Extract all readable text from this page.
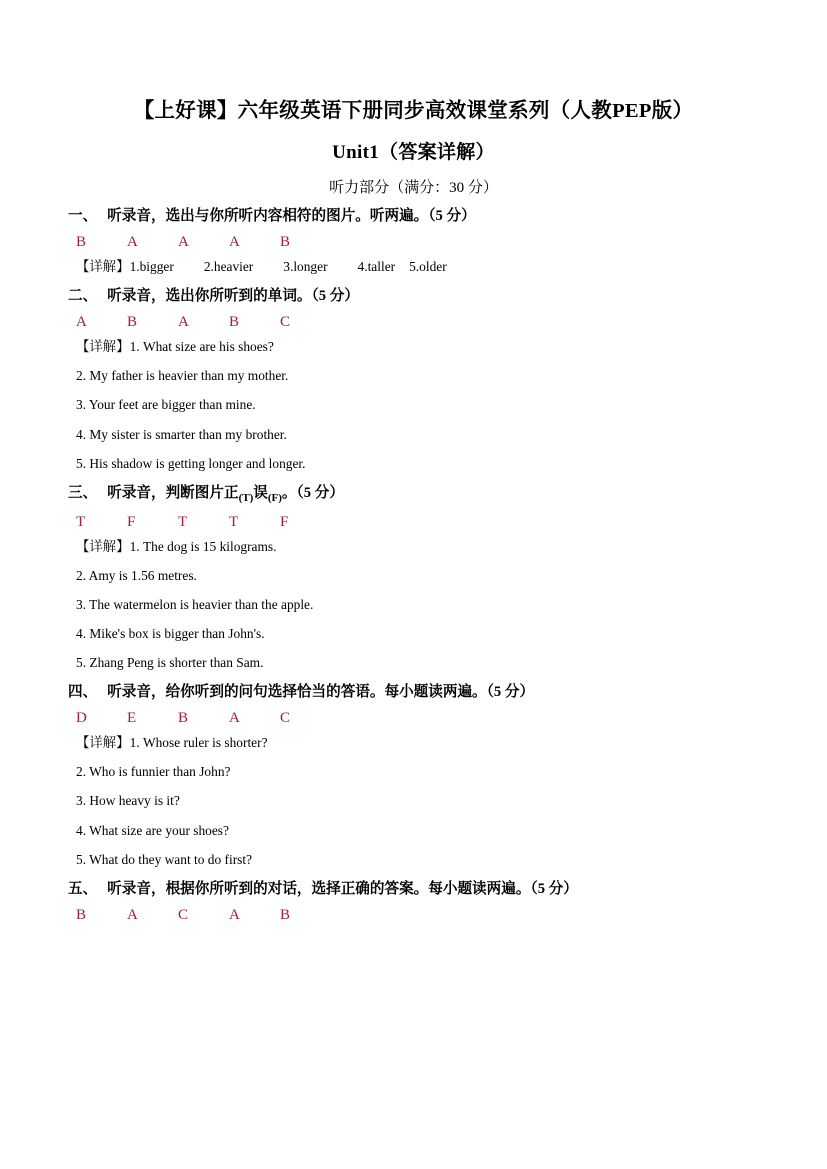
【上好课】六年级英语下册同步高效课堂系列（人教PEP版）
Unit1（答案详解）
听力部分（满分：30 分）
一、 听录音，选出与你所听内容相符的图片。听两遍。（5 分）
B	A	A	A	B
【详解】1.bigger 2.heavier 3.longer 4.taller 5.older
二、 听录音，选出你所听到的单词。（5 分）
A	B	A	B	C
【详解】1. What size are his shoes?
2. My father is heavier than my mother.
3. Your feet are bigger than mine.
4. My sister is smarter than my brother.
5. His shadow is getting longer and longer.
三、 听录音，判断图片正$_{(T)}$误$_{(F)}$。（5 分）
T	F	T	T	F
【详解】1. The dog is 15 kilograms.
2. Amy is 1.56 metres.
3. The watermelon is heavier than the apple.
4. Mike's box is bigger than John's.
5. Zhang Peng is shorter than Sam.
四、 听录音，给你听到的问句选择恰当的答语。每小题读两遍。（5 分）
D	E	B	A	C
【详解】1. Whose ruler is shorter?
2. Who is funnier than John?
3. How heavy is it?
4. What size are your shoes?
5. What do they want to do first?
五、 听录音，根据你所听到的对话，选择正确的答案。每小题读两遍。（5 分）
B	A	C	A	B
